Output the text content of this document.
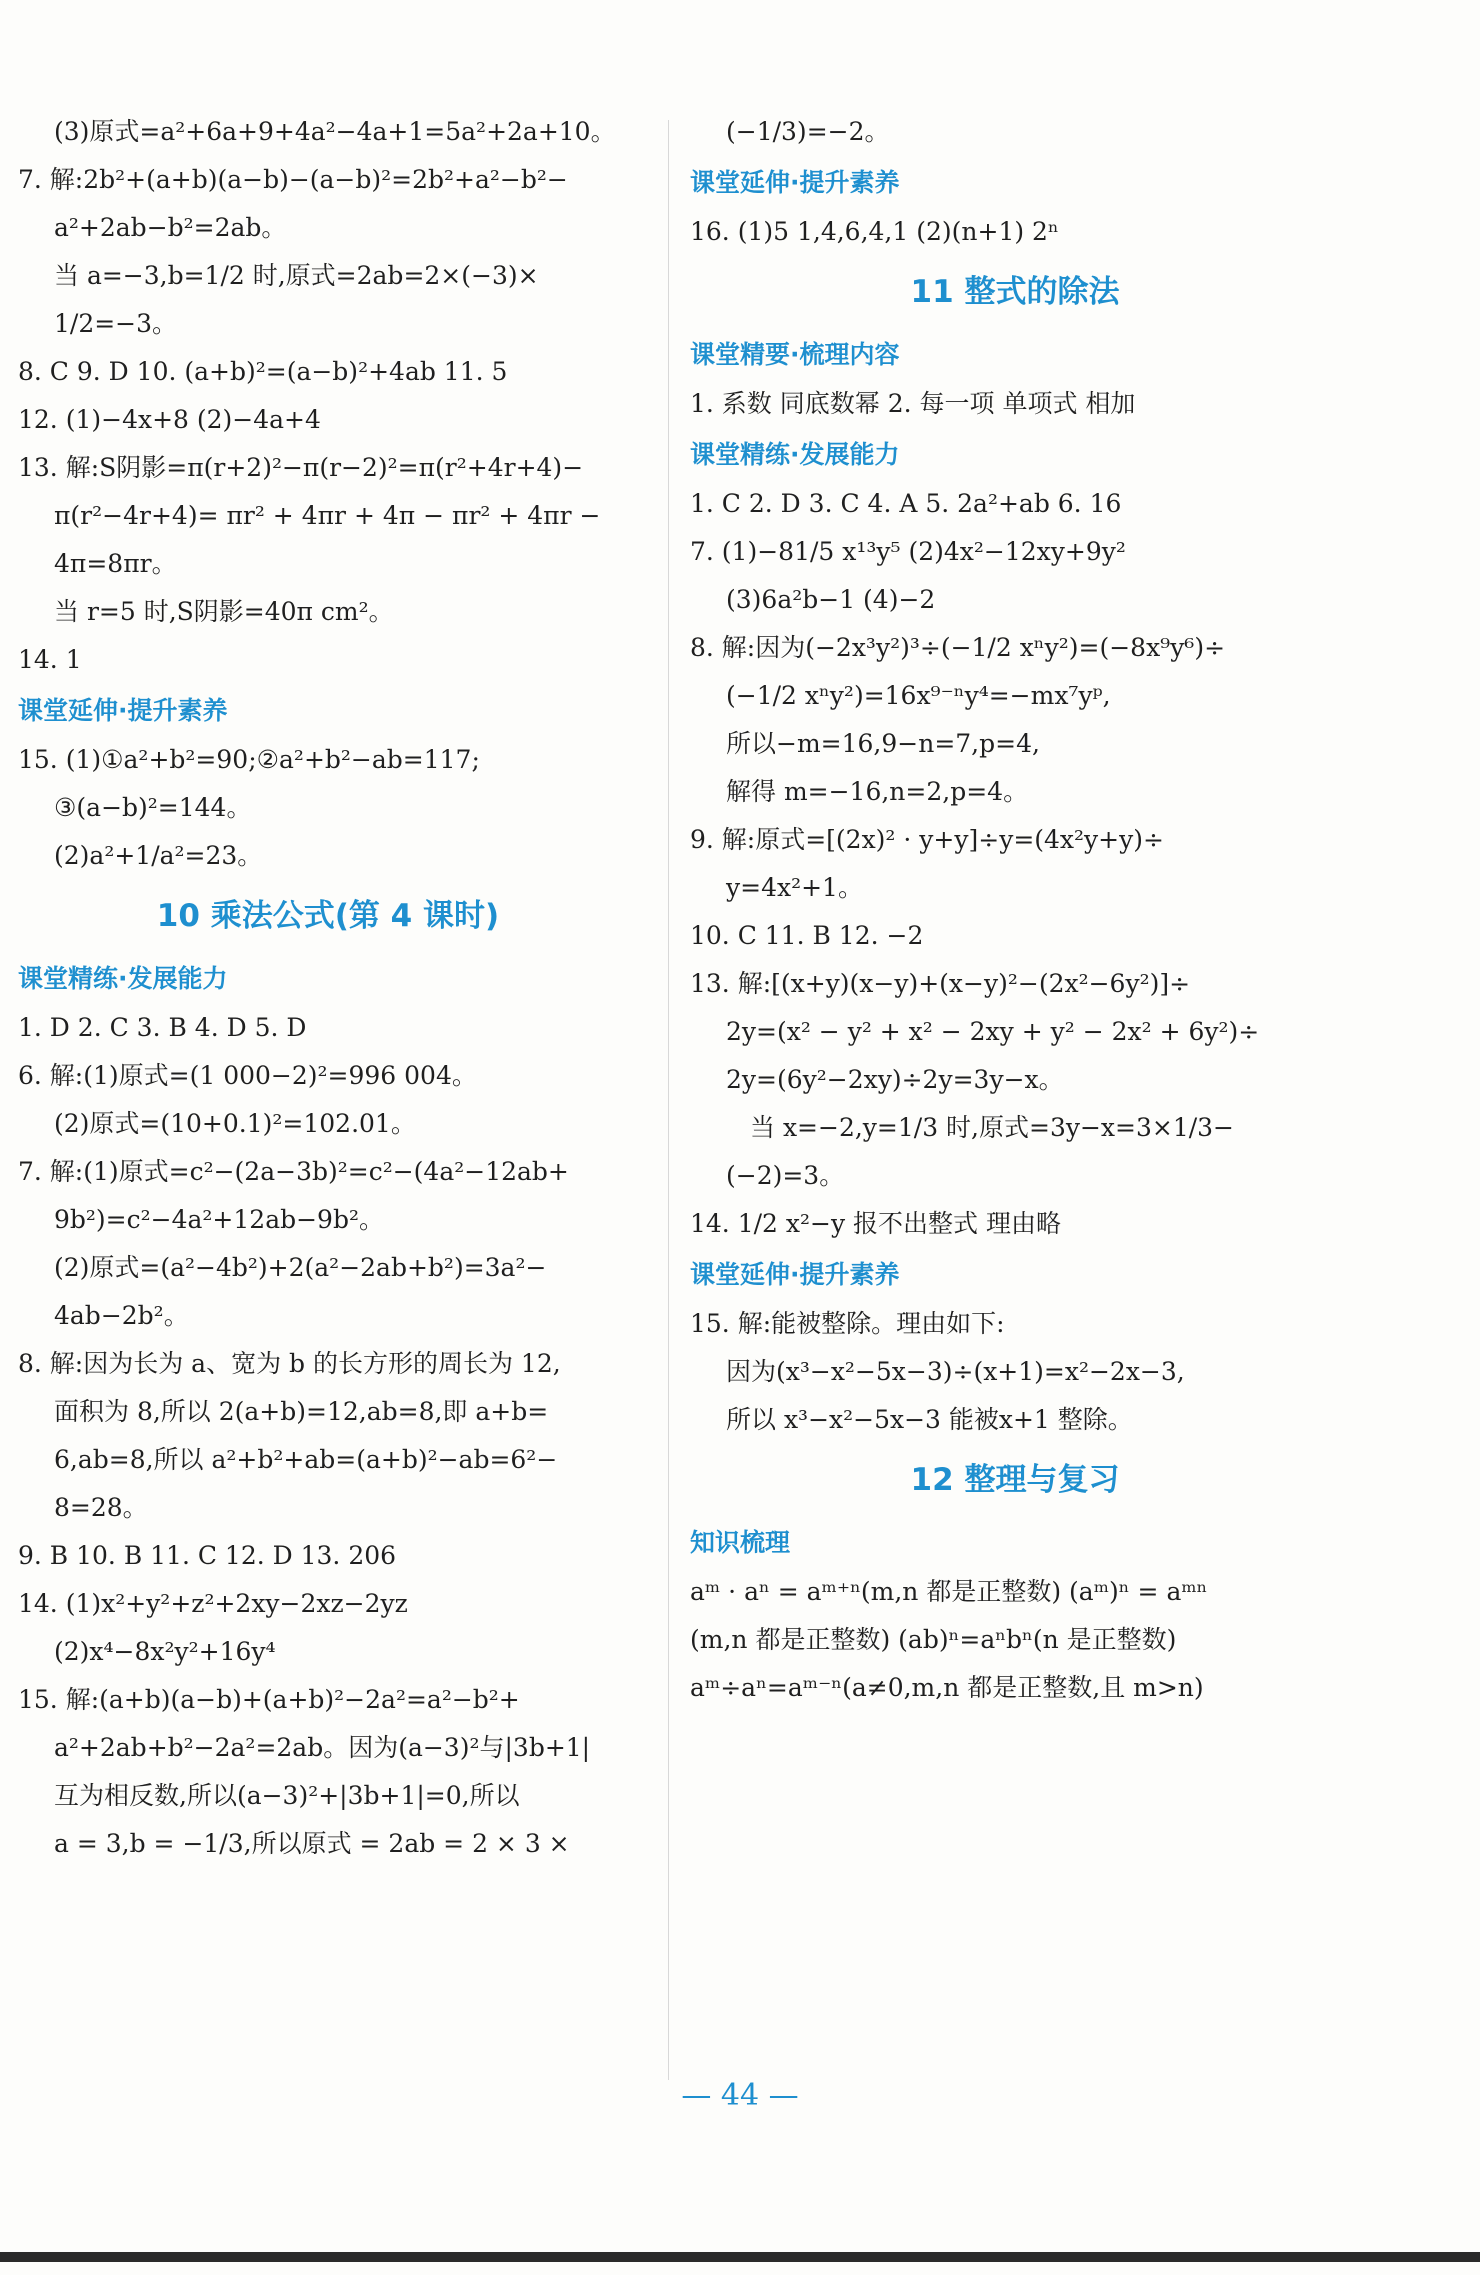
(3)原式=a²+6a+9+4a²−4a+1=5a²+2a+10。
7. 解:2b²+(a+b)(a−b)−(a−b)²=2b²+a²−b²−
a²+2ab−b²=2ab。
当 a=−3,b=1/2 时,原式=2ab=2×(−3)×
1/2=−3。
8. C 9. D 10. (a+b)²=(a−b)²+4ab 11. 5
12. (1)−4x+8 (2)−4a+4
13. 解:S阴影=π(r+2)²−π(r−2)²=π(r²+4r+4)−
π(r²−4r+4)= πr² + 4πr + 4π − πr² + 4πr −
4π=8πr。
当 r=5 时,S阴影=40π cm²。
14. 1
课堂延伸·提升素养
15. (1)①a²+b²=90;②a²+b²−ab=117;
③(a−b)²=144。
(2)a²+1/a²=23。
10 乘法公式(第 4 课时)
课堂精练·发展能力
1. D 2. C 3. B 4. D 5. D
6. 解:(1)原式=(1 000−2)²=996 004。
(2)原式=(10+0.1)²=102.01。
7. 解:(1)原式=c²−(2a−3b)²=c²−(4a²−12ab+
9b²)=c²−4a²+12ab−9b²。
(2)原式=(a²−4b²)+2(a²−2ab+b²)=3a²−
4ab−2b²。
8. 解:因为长为 a、宽为 b 的长方形的周长为 12,
面积为 8,所以 2(a+b)=12,ab=8,即 a+b=
6,ab=8,所以 a²+b²+ab=(a+b)²−ab=6²−
8=28。
9. B 10. B 11. C 12. D 13. 206
14. (1)x²+y²+z²+2xy−2xz−2yz
(2)x⁴−8x²y²+16y⁴
15. 解:(a+b)(a−b)+(a+b)²−2a²=a²−b²+
a²+2ab+b²−2a²=2ab。因为(a−3)²与|3b+1|
互为相反数,所以(a−3)²+|3b+1|=0,所以
a = 3,b = −1/3,所以原式 = 2ab = 2 × 3 ×
(−1/3)=−2。
课堂延伸·提升素养
16. (1)5 1,4,6,4,1 (2)(n+1) 2ⁿ
11 整式的除法
课堂精要·梳理内容
1. 系数 同底数幂 2. 每一项 单项式 相加
课堂精练·发展能力
1. C 2. D 3. C 4. A 5. 2a²+ab 6. 16
7. (1)−81/5 x¹³y⁵ (2)4x²−12xy+9y²
(3)6a²b−1 (4)−2
8. 解:因为(−2x³y²)³÷(−1/2 xⁿy²)=(−8x⁹y⁶)÷
(−1/2 xⁿy²)=16x⁹⁻ⁿy⁴=−mx⁷yᵖ,
所以−m=16,9−n=7,p=4,
解得 m=−16,n=2,p=4。
9. 解:原式=[(2x)² · y+y]÷y=(4x²y+y)÷
y=4x²+1。
10. C 11. B 12. −2
13. 解:[(x+y)(x−y)+(x−y)²−(2x²−6y²)]÷
2y=(x² − y² + x² − 2xy + y² − 2x² + 6y²)÷
2y=(6y²−2xy)÷2y=3y−x。
当 x=−2,y=1/3 时,原式=3y−x=3×1/3−
(−2)=3。
14. 1/2 x²−y 报不出整式 理由略
课堂延伸·提升素养
15. 解:能被整除。理由如下:
因为(x³−x²−5x−3)÷(x+1)=x²−2x−3,
所以 x³−x²−5x−3 能被x+1 整除。
12 整理与复习
知识梳理
aᵐ · aⁿ = aᵐ⁺ⁿ(m,n 都是正整数) (aᵐ)ⁿ = aᵐⁿ
(m,n 都是正整数) (ab)ⁿ=aⁿbⁿ(n 是正整数)
aᵐ÷aⁿ=aᵐ⁻ⁿ(a≠0,m,n 都是正整数,且 m>n)
— 44 —
